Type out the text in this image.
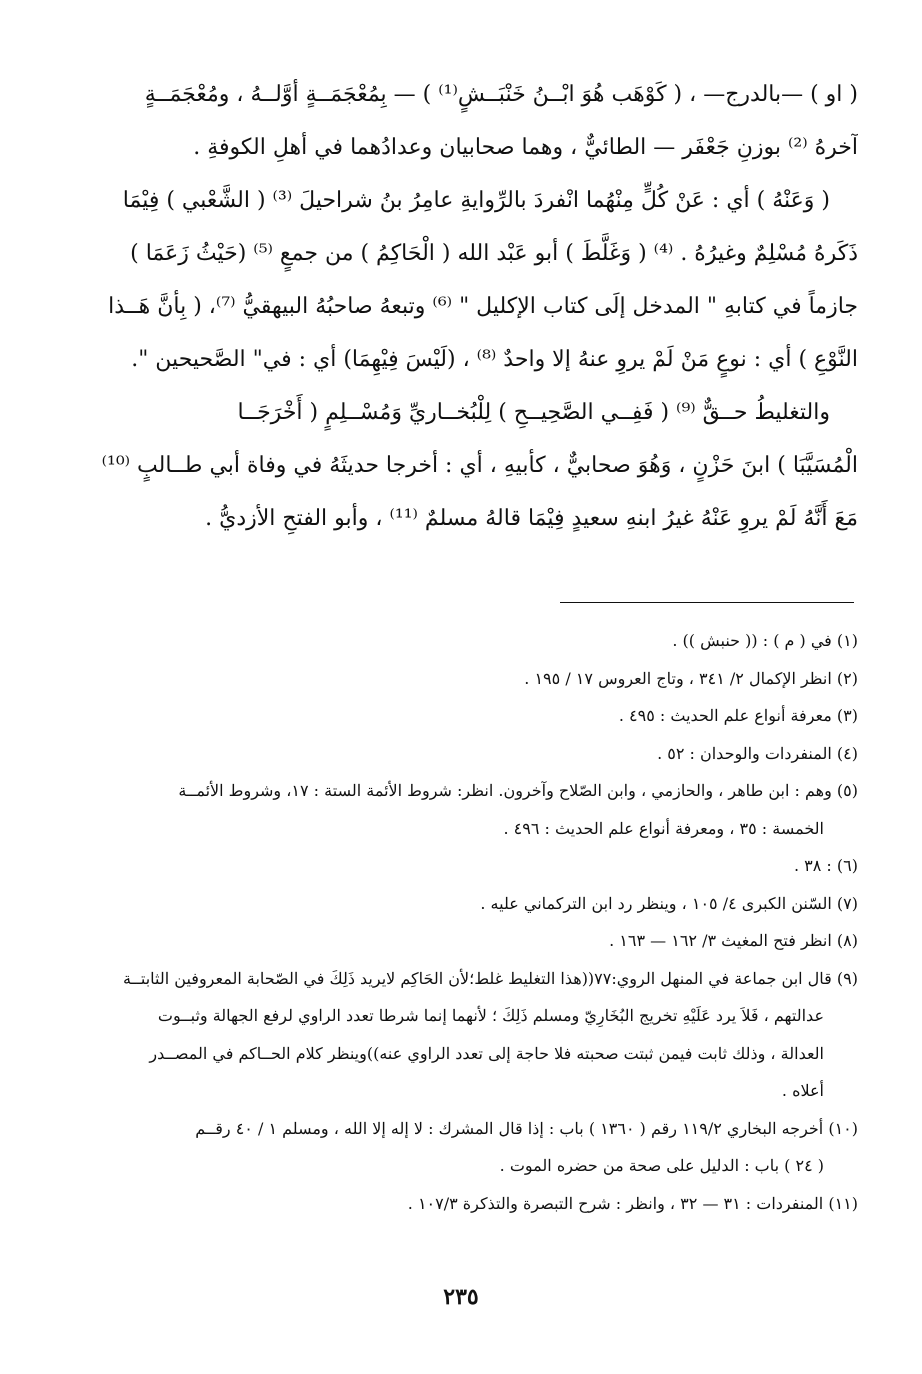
( او ) —بالدرج— ، ( كَوْهَب هُوَ ابْــنُ خَنْبَــشٍ⁽¹⁾ ) — بِمُعْجَمَــةٍ أوَّلــهُ ، ومُعْجَمَــةٍ
آخرهُ ⁽²⁾ بوزنِ جَعْفَر — الطائيٌّ ، وهما صحابيان وعدادُهما في أهلِ الكوفةِ .
( وَعَنْهُ ) أي : عَنْ كُلٍّ مِنْهُما انْفردَ بالرِّوايةِ عامِرُ بنُ شراحيلَ ⁽³⁾ ( الشَّعْبي ) فِيْمَا
ذَكَرهُ مُسْلِمٌ وغيرُهُ . ⁽⁴⁾ ( وَغَلَّطَ ) أبو عَبْد الله ( الْحَاكِمُ ) من جمعٍ ⁽⁵⁾ (حَيْثُ زَعَمَا )
جازماً في كتابهِ " المدخل إلَى كتاب الإكليل " ⁽⁶⁾ وتبعهُ صاحبُهُ البيهقيُّ ⁽⁷⁾، ( بِأنَّ هَــذا
النَّوْعِ ) أي : نوعٍ مَنْ لَمْ يروِ عنهُ إلا واحدٌ ⁽⁸⁾ ، (لَيْسَ فِيْهِمَا) أي : في" الصَّحيحين ".
والتغليطُ حــقٌّ ⁽⁹⁾ ( فَفِــي الصَّحِيــحِ ) لِلْبُخــاريِّ وَمُسْــلِمٍ ( أَخْرَجَــا
الْمُسَيَّبَا ) ابنَ حَزْنٍ ، وَهُوَ صحابيٌّ ، كأبيهِ ، أي : أخرجا حديثَهُ في وفاة أبي طــالبٍ ⁽¹⁰⁾
مَعَ أَنَّهُ لَمْ يروِ عَنْهُ غيرُ ابنهِ سعيدٍ فِيْمَا قالهُ مسلمٌ ⁽¹¹⁾ ، وأبو الفتحِ الأزديُّ .
(١) في ( م ) : (( حنبش )) .
(٢) انظر الإكمال ٢/ ٣٤١ ، وتاج العروس ١٧ / ١٩٥ .
(٣) معرفة أنواع علم الحديث : ٤٩٥ .
(٤) المنفردات والوحدان : ٥٢ .
(٥) وهم : ابن طاهر ، والحازمي ، وابن الصّلاح وآخرون. انظر: شروط الأئمة الستة : ١٧، وشروط الأئمــة
الخمسة : ٣٥ ، ومعرفة أنواع علم الحديث : ٤٩٦ .
(٦) : ٣٨ .
(٧) السّنن الكبرى ٤/ ١٠٥ ، وينظر رد ابن التركماني عليه .
(٨) انظر فتح المغيث ٣/ ١٦٢ — ١٦٣ .
(٩) قال ابن جماعة في المنهل الروي:٧٧((هذا التغليط غلط؛لأن الحَاكِم لايريد ذَلِكَ في الصّحابة المعروفين الثابتــة
عدالتهم ، فَلاَ يرد عَلَيْهِ تخريج البُخَارِيّ ومسلم ذَلِكَ ؛ لأنهما إنما شرطا تعدد الراوي لرفع الجهالة وثبــوت
العدالة ، وذلك ثابت فيمن ثبتت صحبته فلا حاجة إلى تعدد الراوي عنه))وينظر كلام الحــاكم في المصــدر
أعلاه .
(١٠) أخرجه البخاري ١١٩/٢ رقم ( ١٣٦٠ ) باب : إذا قال المشرك : لا إله إلا الله ، ومسلم ١ / ٤٠ رقــم
( ٢٤ ) باب : الدليل على صحة من حضره الموت .
(١١) المنفردات : ٣١ — ٣٢ ، وانظر : شرح التبصرة والتذكرة ١٠٧/٣ .
٢٣٥
